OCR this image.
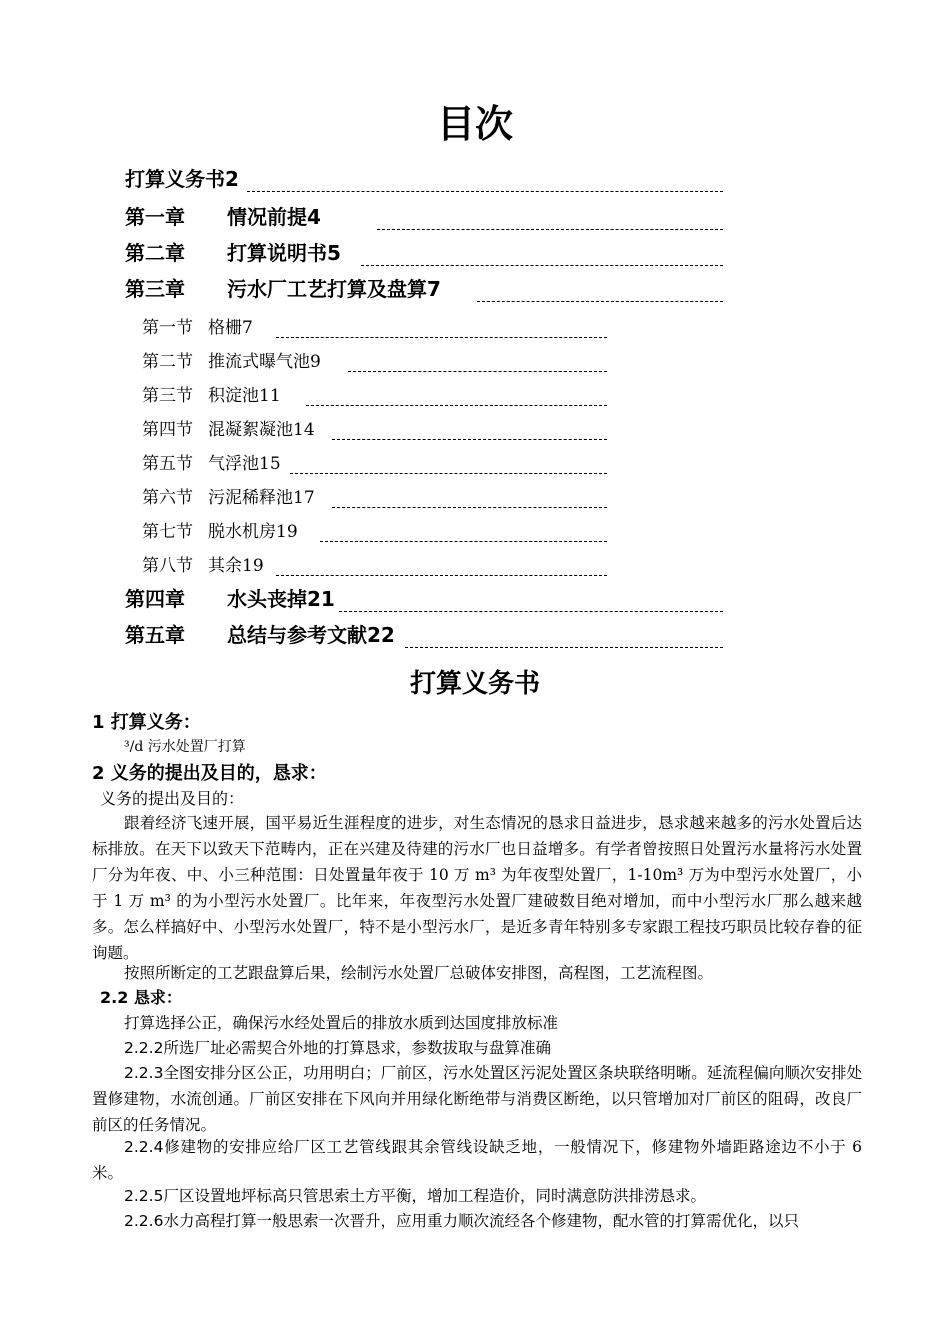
目次
打算义务书2
第一章 情况前提4
第二章 打算说明书5
第三章 污水厂工艺打算及盘算7
第一节 格栅7
第二节 推流式曝气池9
第三节 积淀池11
第四节 混凝絮凝池14
第五节 气浮池15
第六节 污泥稀释池17
第七节 脱水机房19
第八节 其余19
第四章 水头丧掉21
第五章 总结与参考文献22
打算义务书
1 打算义务：
³/d 污水处置厂打算
2 义务的提出及目的，恳求：
义务的提出及目的：

跟着经济飞速开展，国平易近生涯程度的进步，对生态情况的恳求日益进步，恳求越来越多的污水处置后达标排放。在天下以致天下范畴内，正在兴建及待建的污水厂也日益增多。有学者曾按照日处置污水量将污水处置厂分为年夜、中、小三种范围：日处置量年夜于 10 万 m³ 为年夜型处置厂，1-10m³ 万为中型污水处置厂，小于 1 万 m³ 的为小型污水处置厂。比年来，年夜型污水处置厂建破数目绝对增加，而中小型污水厂那么越来越多。怎么样搞好中、小型污水处置厂，特不是小型污水厂，是近多青年特别多专家跟工程技巧职员比较存眷的征询题。

按照所断定的工艺跟盘算后果，绘制污水处置厂总破体安排图，高程图，工艺流程图。

2.2 恳求：

打算选择公正，确保污水经处置后的排放水质到达国度排放标准

2.2.2所选厂址必需契合外地的打算恳求，参数拔取与盘算准确

2.2.3全图安排分区公正，功用明白；厂前区，污水处置区污泥处置区条块联络明晰。延流程偏向顺次安排处置修建物，水流创通。厂前区安排在下风向并用绿化断绝带与消费区断绝，以只管增加对厂前区的阻碍，改良厂前区的任务情况。

2.2.4修建物的安排应给厂区工艺管线跟其余管线设缺乏地，一般情况下，修建物外墙距路途边不小于 6 米。

2.2.5厂区设置地坪标高只管思索土方平衡，增加工程造价，同时满意防洪排涝恳求。

2.2.6水力高程打算一般思索一次晋升，应用重力顺次流经各个修建物，配水管的打算需优化，以只
